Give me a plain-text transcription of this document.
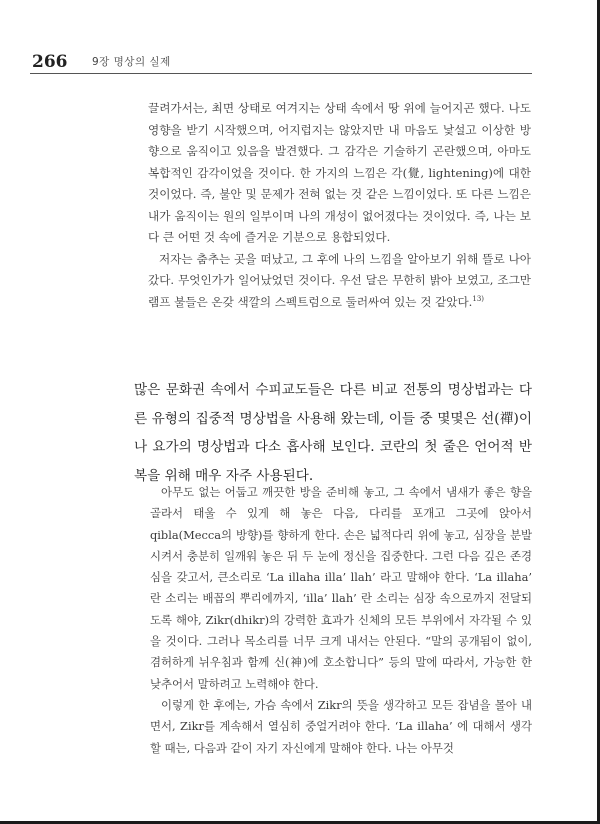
266 9장 명상의 실제

끌려가서는, 최면 상태로 여겨지는 상태 속에서 땅 위에 늘어지곤 했다. 나도 영향을 받기 시작했으며, 어지럽지는 않았지만 내 마음도 낯설고 이상한 방향으로 움직이고 있음을 발견했다. 그 감각은 기술하기 곤란했으며, 아마도 복합적인 감각이었을 것이다. 한 가지의 느낌은 각(覺, lightening)에 대한 것이었다. 즉, 불안 및 문제가 전혀 없는 것 같은 느낌이었다. 또 다른 느낌은 내가 움직이는 원의 일부이며 나의 개성이 없어졌다는 것이었다. 즉, 나는 보다 큰 어떤 것 속에 즐거운 기분으로 용합되었다.

저자는 춤추는 곳을 떠났고, 그 후에 나의 느낌을 알아보기 위해 뜰로 나아갔다. 무엇인가가 일어났었던 것이다. 우선 달은 무한히 밝아 보였고, 조그만 램프 불들은 온갖 색깔의 스펙트럼으로 둘러싸여 있는 것 같았다.$^{13)}$

많은 문화권 속에서 수피교도들은 다른 비교 전통의 명상법과는 다른 유형의 집중적 명상법을 사용해 왔는데, 이들 중 몇몇은 선(禪)이나 요가의 명상법과 다소 흡사해 보인다. 코란의 첫 줄은 언어적 반복을 위해 매우 자주 사용된다.

아무도 없는 어둡고 깨끗한 방을 준비해 놓고, 그 속에서 냄새가 좋은 향을 골라서 태울 수 있게 해 놓은 다음, 다리를 포개고 그곳에 앉아서 qibla(Mecca의 방향)를 향하게 한다. 손은 넓적다리 위에 놓고, 심장을 분발시켜서 충분히 일깨워 놓은 뒤 두 눈에 정신을 집중한다. 그런 다음 깊은 존경심을 갖고서, 큰소리로 ‘La illaha illa’ llah’ 라고 말해야 한다. ‘La illaha’ 란 소리는 배꼽의 뿌리에까지, ‘illa’ llah’ 란 소리는 심장 속으로까지 전달되도록 해야, Zikr(dhikr)의 강력한 효과가 신체의 모든 부위에서 자각될 수 있을 것이다. 그러나 목소리를 너무 크게 내서는 안된다. “말의 공개됨이 없이, 겸허하게 뉘우침과 함께 신(神)에 호소합니다” 등의 말에 따라서, 가능한 한 낮추어서 말하려고 노력해야 한다.

이렇게 한 후에는, 가슴 속에서 Zikr의 뜻을 생각하고 모든 잡념을 몰아 내면서, Zikr를 계속해서 열심히 중얼거려야 한다. ‘La illaha’ 에 대해서 생각할 때는, 다음과 같이 자기 자신에게 말해야 한다. 나는 아무것
